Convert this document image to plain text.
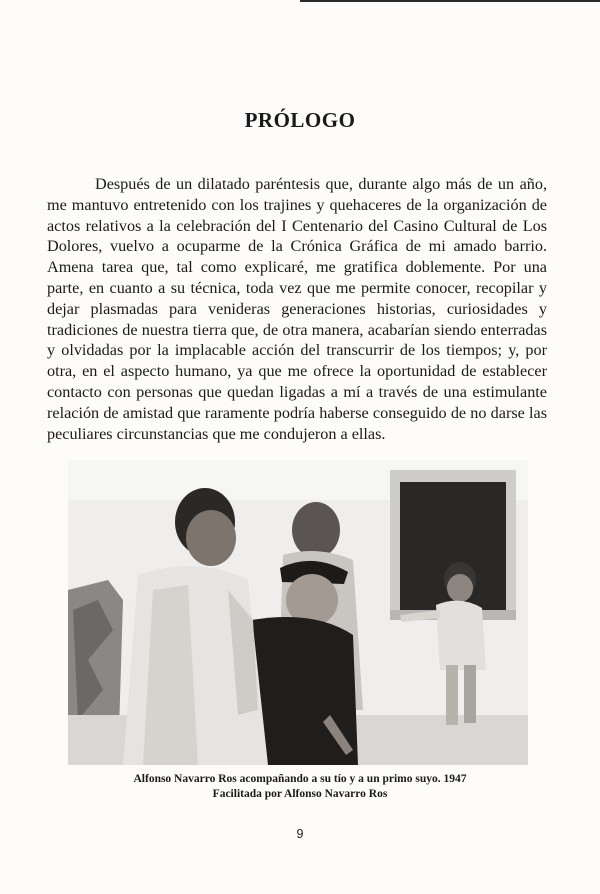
PRÓLOGO

Después de un dilatado paréntesis que, durante algo más de un año, me mantuvo entretenido con los trajines y quehaceres de la organización de actos relativos a la celebración del I Centenario del Casino Cultural de Los Dolores, vuelvo a ocuparme de la Crónica Gráfica de mi amado barrio. Amena tarea que, tal como explicaré, me gratifica doblemente. Por una parte, en cuanto a su técnica, toda vez que me permite conocer, recopilar y dejar plasmadas para venideras generaciones historias, curiosidades y tradiciones de nuestra tierra que, de otra manera, acabarían siendo enterradas y olvidadas por la implacable acción del transcurrir de los tiempos; y, por otra, en el aspecto humano, ya que me ofrece la oportunidad de establecer contacto con personas que quedan ligadas a mí a través de una estimulante relación de amistad que raramente podría haberse conseguido de no darse las peculiares circunstancias que me condujeron a ellas.

Alfonso Navarro Ros acompañando a su tío y a un primo suyo. 1947
Facilitada por Alfonso Navarro Ros
9
